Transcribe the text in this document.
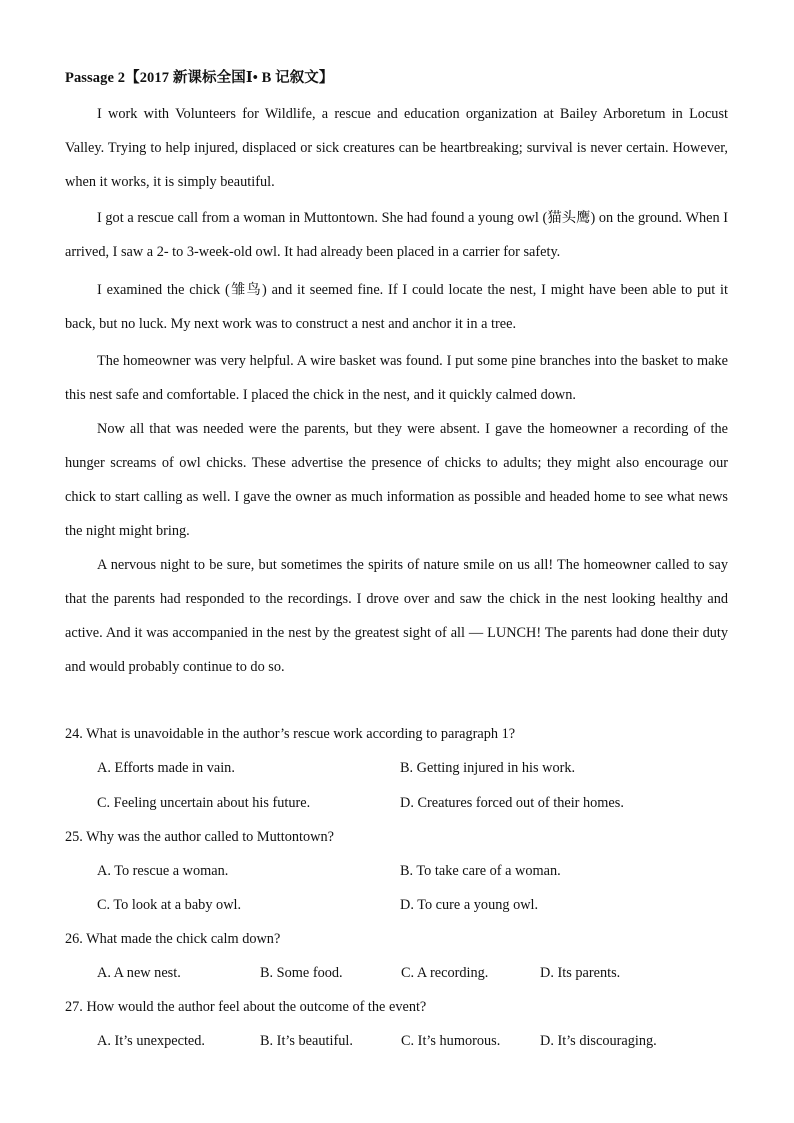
Passage 2【2017 新课标全国Ⅰ• B 记叙文】

I work with Volunteers for Wildlife, a rescue and education organization at Bailey Arboretum in Locust Valley. Trying to help injured, displaced or sick creatures can be heartbreaking; survival is never certain. However, when it works, it is simply beautiful.

I got a rescue call from a woman in Muttontown. She had found a young owl (猫头鹰) on the ground. When I arrived, I saw a 2- to 3-week-old owl. It had already been placed in a carrier for safety.

I examined the chick (雏鸟) and it seemed fine. If I could locate the nest, I might have been able to put it back, but no luck. My next work was to construct a nest and anchor it in a tree.

The homeowner was very helpful. A wire basket was found. I put some pine branches into the basket to make this nest safe and comfortable. I placed the chick in the nest, and it quickly calmed down.

Now all that was needed were the parents, but they were absent. I gave the homeowner a recording of the hunger screams of owl chicks. These advertise the presence of chicks to adults; they might also encourage our chick to start calling as well. I gave the owner as much information as possible and headed home to see what news the night might bring.

A nervous night to be sure, but sometimes the spirits of nature smile on us all! The homeowner called to say that the parents had responded to the recordings. I drove over and saw the chick in the nest looking healthy and active. And it was accompanied in the nest by the greatest sight of all — LUNCH! The parents had done their duty and would probably continue to do so.

24. What is unavoidable in the author’s rescue work according to paragraph 1?
A. Efforts made in vain.	B. Getting injured in his work.
C. Feeling uncertain about his future.	D. Creatures forced out of their homes.
25. Why was the author called to Muttontown?
A. To rescue a woman.	B. To take care of a woman.
C. To look at a baby owl.	D. To cure a young owl.
26. What made the chick calm down?
A. A new nest.	B. Some food.	C. A recording.	D. Its parents.
27. How would the author feel about the outcome of the event?
A. It’s unexpected.	B. It’s beautiful.	C. It’s humorous.	D. It’s discouraging.
